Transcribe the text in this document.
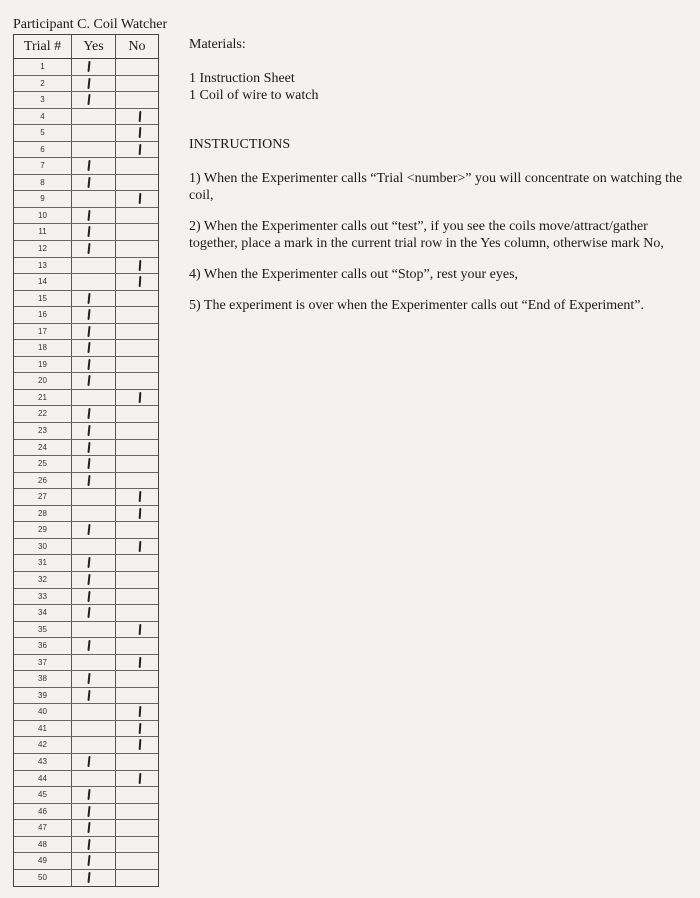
Participant C. Coil Watcher
Trial #	Yes	No
1
2
3
4
5
6
7
8
9
10
11
12
13
14
15
16
17
18
19
20
21
22
23
24
25
26
27
28
29
30
31
32
33
34
35
36
37
38
39
40
41
42
43
44
45
46
47
48
49
50

Materials:

1 Instruction Sheet

1 Coil of wire to watch

INSTRUCTIONS

1) When the Experimenter calls “Trial <number>” you will concentrate on watching the coil,

2) When the Experimenter calls out “test”, if you see the coils move/attract/gather together, place a mark in the current trial row in the Yes column, otherwise mark No,

4) When the Experimenter calls out “Stop”, rest your eyes,

5) The experiment is over when the Experimenter calls out “End of Experiment”.
